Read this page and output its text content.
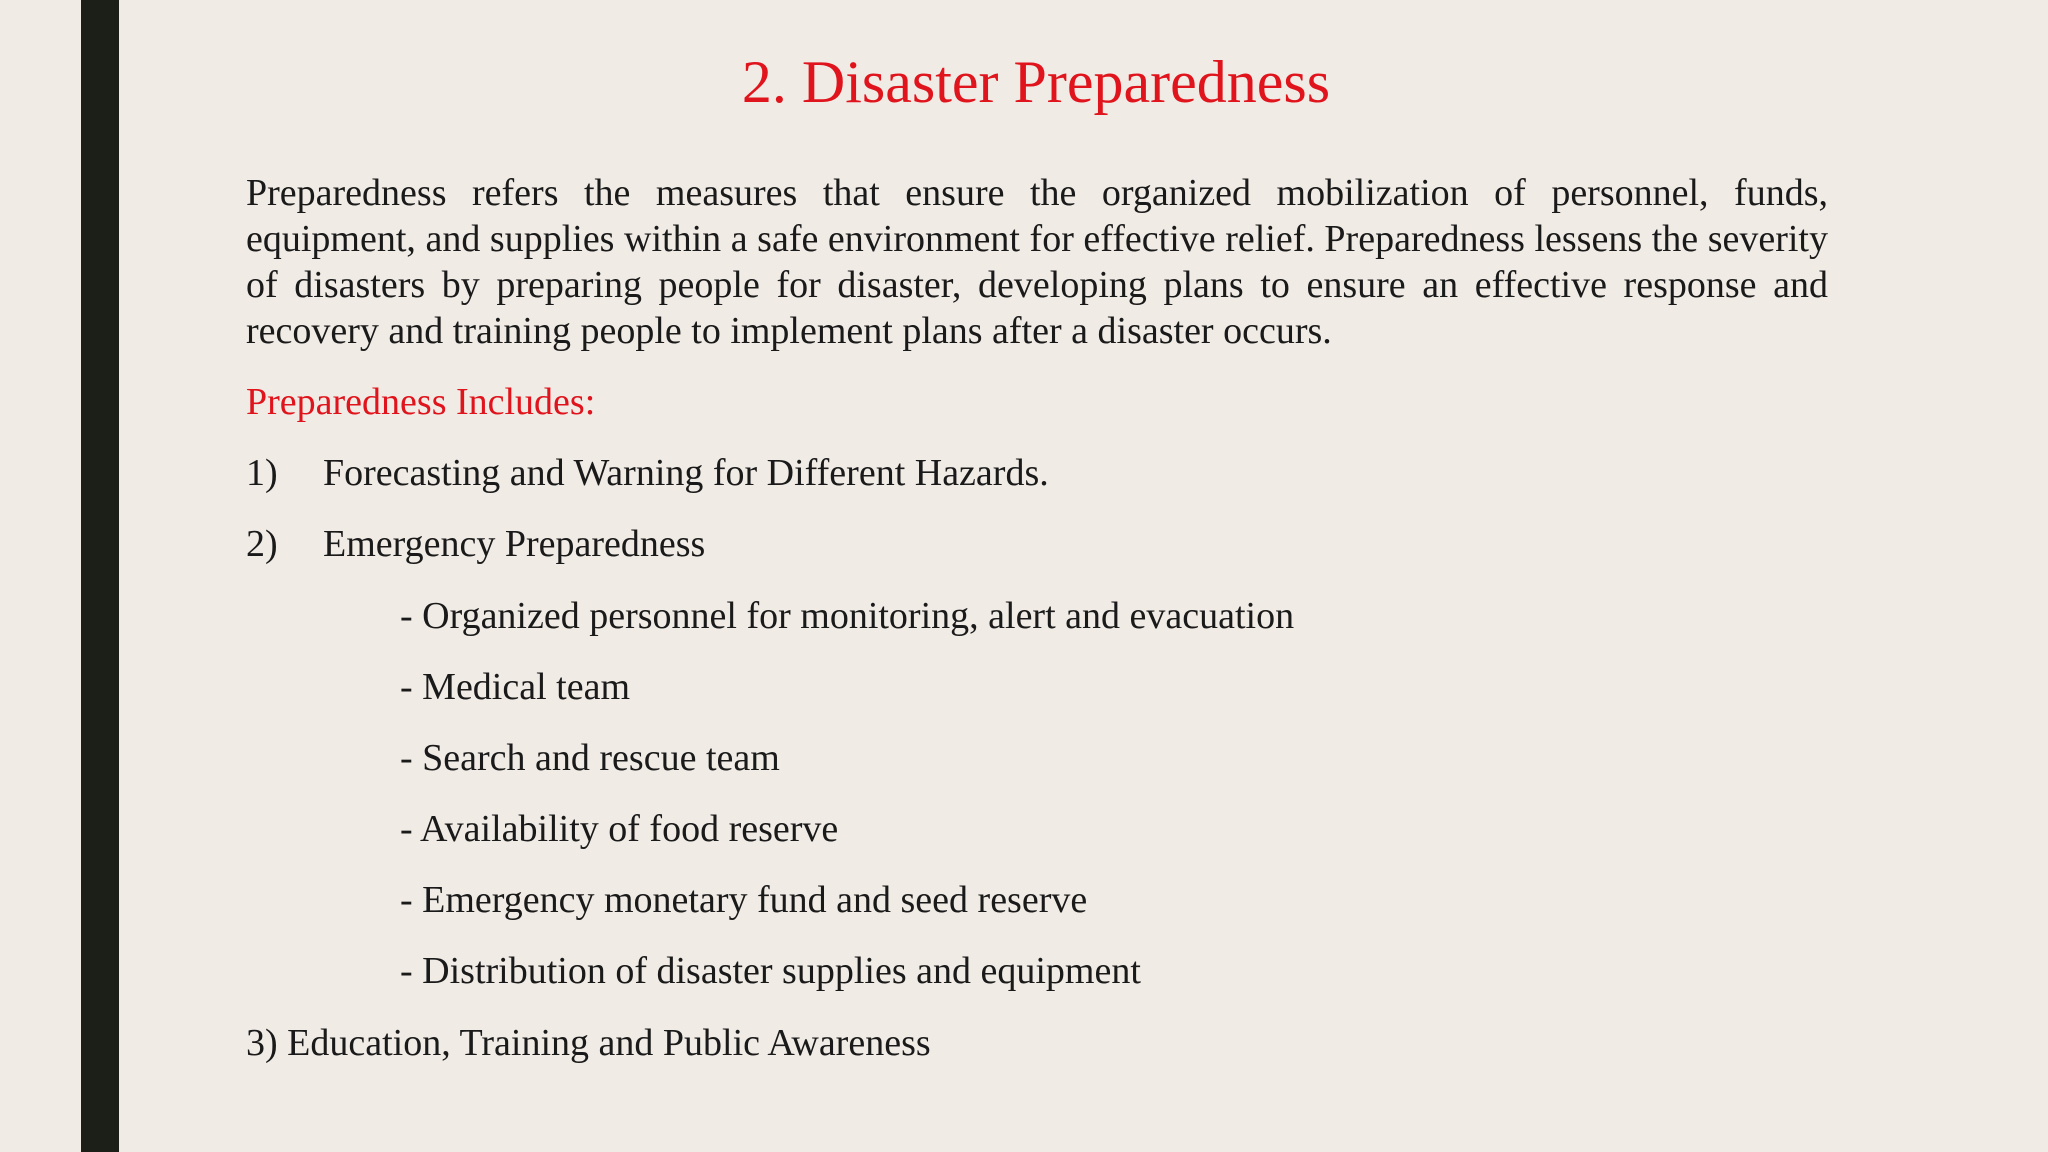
2. Disaster Preparedness

Preparedness refers the measures that ensure the organized mobilization of personnel, funds, equipment, and supplies within a safe environment for effective relief. Preparedness lessens the severity of disasters by preparing people for disaster, developing plans to ensure an effective response and recovery and training people to implement plans after a disaster occurs.

Preparedness Includes:

1) Forecasting and Warning for Different Hazards.
2) Emergency Preparedness
- Organized personnel for monitoring, alert and evacuation
- Medical team
- Search and rescue team
- Availability of food reserve
- Emergency monetary fund and seed reserve
- Distribution of disaster supplies and equipment
3) Education, Training and Public Awareness
